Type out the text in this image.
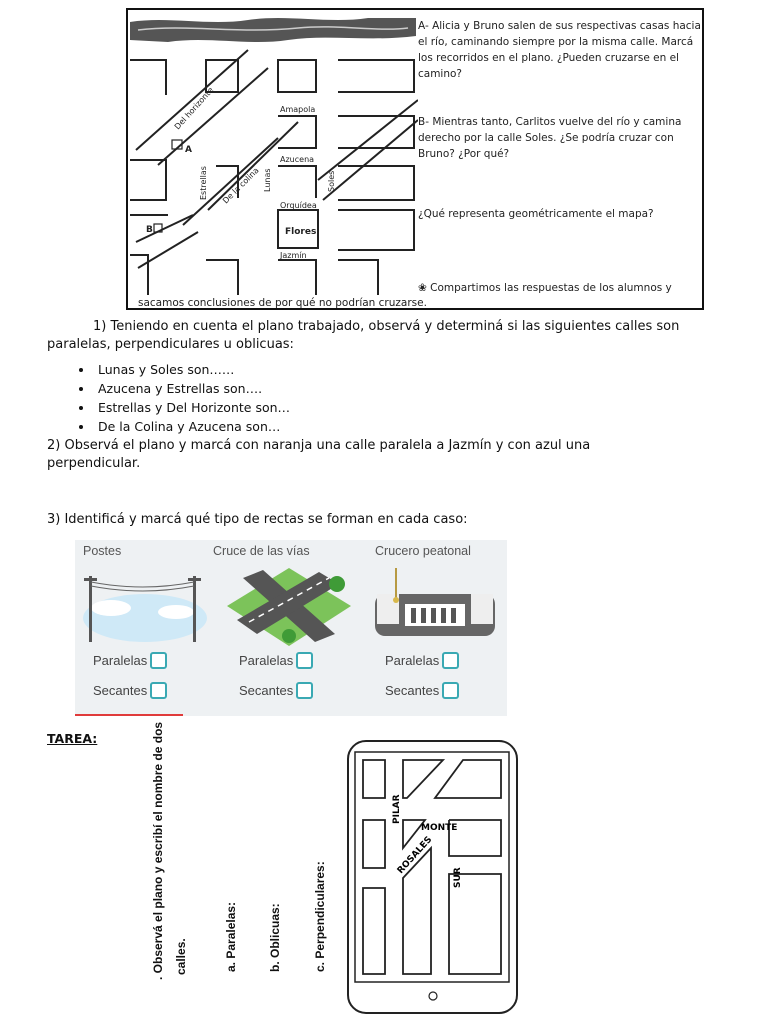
Del horizonte	Amapola
Azucena
Estrellas De la colina Lunas	Soles
Orquídea
Flores
Jazmín
A
B
A- Alicia y Bruno salen de sus respectivas casas hacia el río, caminando siempre por la misma calle. Marcá los recorridos en el plano. ¿Pueden cruzarse en el camino?
B- Mientras tanto, Carlitos vuelve del río y camina derecho por la calle Soles. ¿Se podría cruzar con Bruno? ¿Por qué?
¿Qué representa geométricamente el mapa?
❀ Compartimos las respuestas de los alumnos y
sacamos conclusiones de por qué no podrían cruzarse.
1) Teniendo en cuenta el plano trabajado, observá y determiná si las siguientes calles son paralelas, perpendiculares u oblicuas:
• Lunas y Soles son……
• Azucena y Estrellas son….
• Estrellas y Del Horizonte son…
• De la Colina y Azucena son…
2) Observá el plano y marcá con naranja una calle paralela a Jazmín y con azul una perpendicular.
3) Identificá y marcá qué tipo de rectas se forman en cada caso:
Postes
Paralelas
Secantes
Cruce de las vías
Paralelas
Secantes
Crucero peatonal
Paralelas
Secantes
TAREA:	. Observá el plano y escribí el nombre de dos calles.	a. Paralelas:	b. Oblicuas:	c. Perpendiculares:
PILAR
MONTE
ROSALES
SUR
